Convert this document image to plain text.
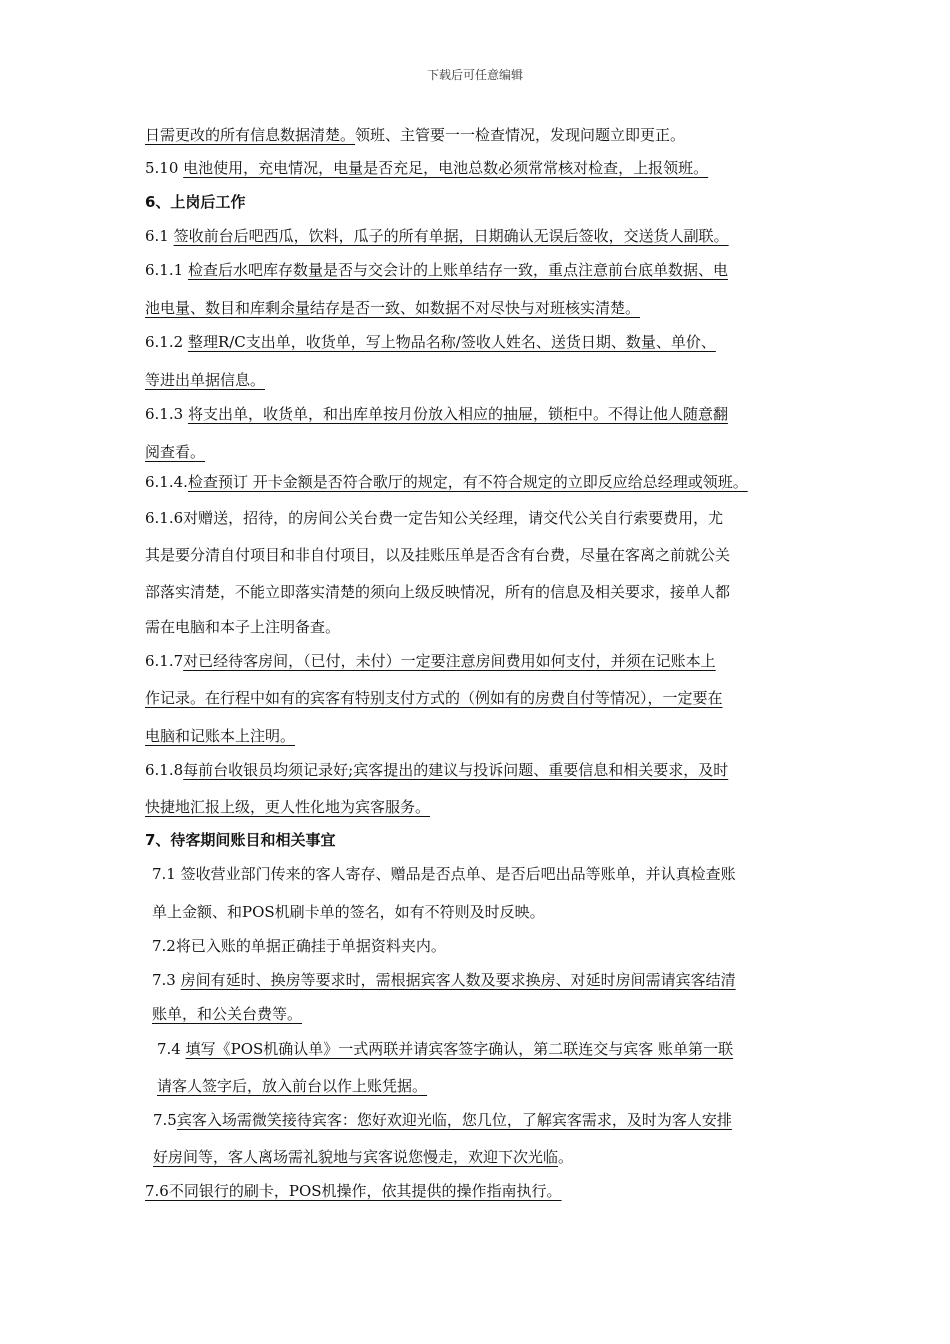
下载后可任意编辑
日需更改的所有信息数据清楚。领班、主管要一一检查情况，发现问题立即更正。
5.10 电池使用，充电情况，电量是否充足，电池总数必须常常核对检查，上报领班。
6、上岗后工作
6.1 签收前台后吧西瓜，饮料，瓜子的所有单据，日期确认无误后签收，交送货人副联。
6.1.1 检查后水吧库存数量是否与交会计的上账单结存一致，重点注意前台底单数据、电
池电量、数目和库剩余量结存是否一致、如数据不对尽快与对班核实清楚。
6.1.2 整理R/C支出单，收货单，写上物品名称/签收人姓名、送货日期、数量、单价、
等进出单据信息。
6.1.3 将支出单，收货单，和出库单按月份放入相应的抽屉，锁柜中。不得让他人随意翻
阅查看。
6.1.4.检查预订 开卡金额是否符合歌厅的规定，有不符合规定的立即反应给总经理或领班。
6.1.6对赠送，招待，的房间公关台费一定告知公关经理，请交代公关自行索要费用，尤
其是要分清自付项目和非自付项目，以及挂账压单是否含有台费，尽量在客离之前就公关
部落实清楚，不能立即落实清楚的须向上级反映情况，所有的信息及相关要求，接单人都
需在电脑和本子上注明备查。
6.1.7对已经待客房间，（已付，未付）一定要注意房间费用如何支付，并须在记账本上
作记录。在行程中如有的宾客有特别支付方式的（例如有的房费自付等情况），一定要在
电脑和记账本上注明。
6.1.8每前台收银员均须记录好;宾客提出的建议与投诉问题、重要信息和相关要求，及时
快捷地汇报上级，更人性化地为宾客服务。
7、待客期间账目和相关事宜
7.1 签收营业部门传来的客人寄存、赠品是否点单、是否后吧出品等账单，并认真检查账
单上金额、和POS机刷卡单的签名，如有不符则及时反映。
7.2将已入账的单据正确挂于单据资料夹内。
7.3 房间有延时、换房等要求时，需根据宾客人数及要求换房、对延时房间需请宾客结清
账单，和公关台费等。
7.4 填写《POS机确认单》一式两联并请宾客签字确认，第二联连交与宾客 账单第一联
请客人签字后，放入前台以作上账凭据。
7.5宾客入场需微笑接待宾客：您好欢迎光临，您几位，了解宾客需求，及时为客人安排
好房间等，客人离场需礼貌地与宾客说您慢走，欢迎下次光临。
7.6不同银行的刷卡，POS机操作，依其提供的操作指南执行。
